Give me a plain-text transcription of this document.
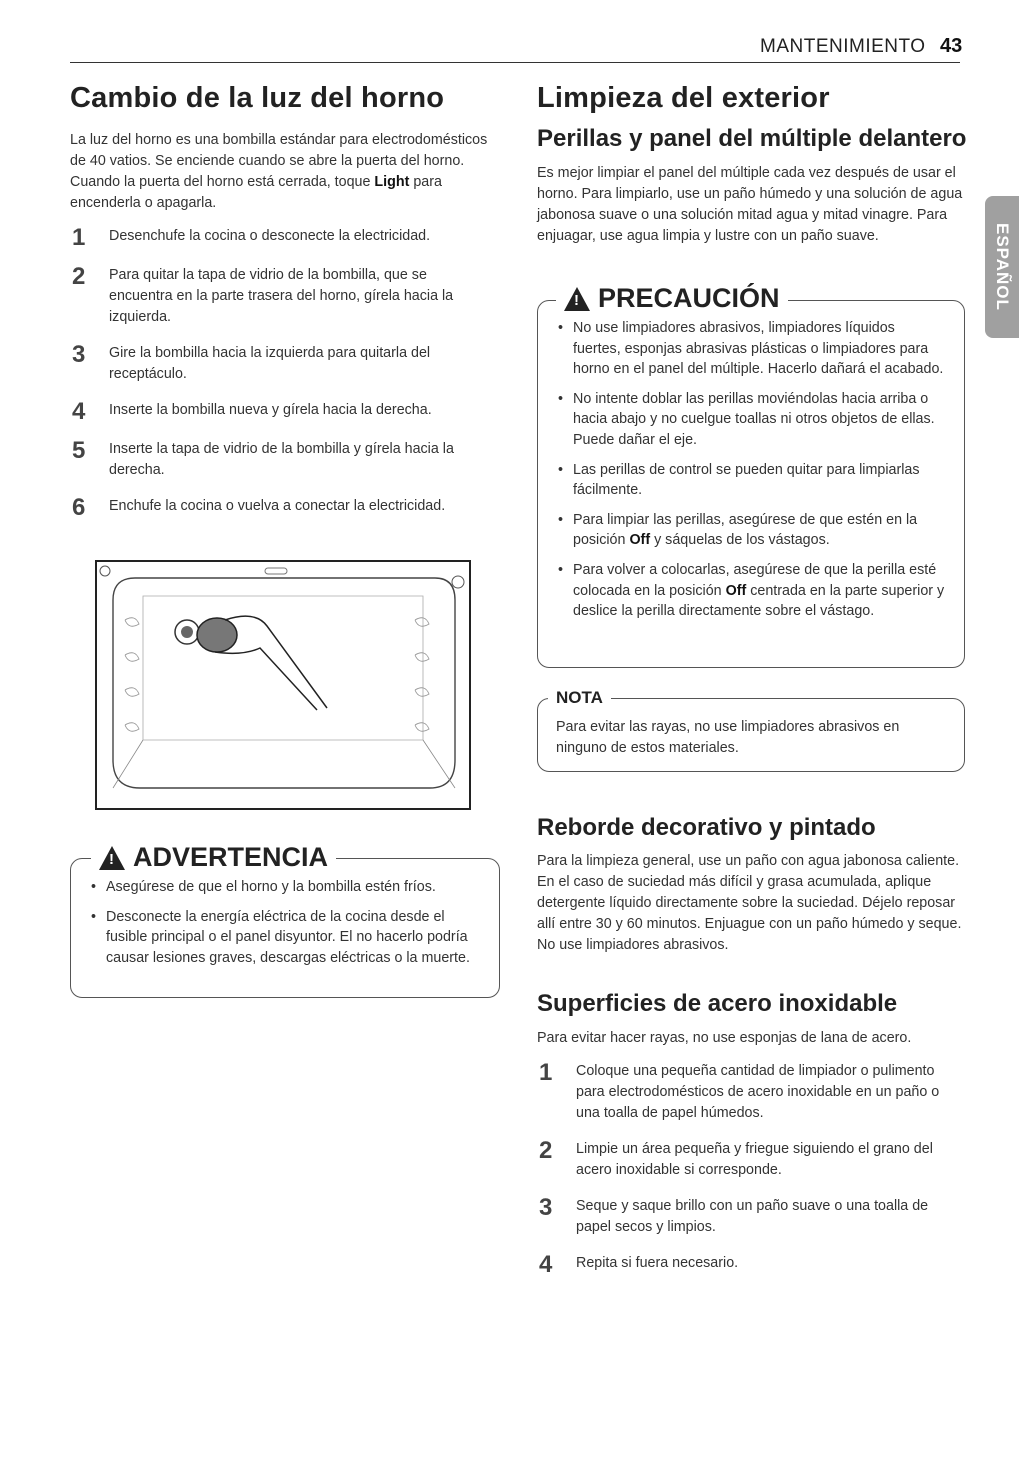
MANTENIMIENTO 43
ESPAÑOL
Cambio de la luz del horno

La luz del horno es una bombilla estándar para electrodomésticos de 40 vatios. Se enciende cuando se abre la puerta del horno. Cuando la puerta del horno está cerrada, toque Light para encenderla o apagarla.

1	Desenchufe la cocina o desconecte la electricidad.
2	Para quitar la tapa de vidrio de la bombilla, que se encuentra en la parte trasera del horno, gírela hacia la izquierda.
3	Gire la bombilla hacia la izquierda para quitarla del receptáculo.
4	Inserte la bombilla nueva y gírela hacia la derecha.
5	Inserte la tapa de vidrio de la bombilla y gírela hacia la derecha.
6	Enchufe la cocina o vuelva a conectar la electricidad.
!
ADVERTENCIA
• Asegúrese de que el horno y la bombilla estén fríos.
• Desconecte la energía eléctrica de la cocina desde el fusible principal o el panel disyuntor. El no hacerlo podría causar lesiones graves, descargas eléctricas o la muerte.
Limpieza del exterior
Perillas y panel del múltiple delantero

Es mejor limpiar el panel del múltiple cada vez después de usar el horno. Para limpiarlo, use un paño húmedo y una solución de agua jabonosa suave o una solución mitad agua y mitad vinagre. Para enjuagar, use agua limpia y lustre con un paño suave.

!
PRECAUCIÓN
• No use limpiadores abrasivos, limpiadores líquidos fuertes, esponjas abrasivas plásticas o limpiadores para horno en el panel del múltiple. Hacerlo dañará el acabado.
• No intente doblar las perillas moviéndolas hacia arriba o hacia abajo y no cuelgue toallas ni otros objetos de ellas. Puede dañar el eje.
• Las perillas de control se pueden quitar para limpiarlas fácilmente.
• Para limpiar las perillas, asegúrese de que estén en la posición Off y sáquelas de los vástagos.
• Para volver a colocarlas, asegúrese de que la perilla esté colocada en la posición Off centrada en la parte superior y deslice la perilla directamente sobre el vástago.
NOTA

Para evitar las rayas, no use limpiadores abrasivos en ninguno de estos materiales.

Reborde decorativo y pintado

Para la limpieza general, use un paño con agua jabonosa caliente. En el caso de suciedad más difícil y grasa acumulada, aplique detergente líquido directamente sobre la suciedad. Déjelo reposar allí entre 30 y 60 minutos. Enjuague con un paño húmedo y seque. No use limpiadores abrasivos.

Superficies de acero inoxidable

Para evitar hacer rayas, no use esponjas de lana de acero.

1	Coloque una pequeña cantidad de limpiador o pulimento para electrodomésticos de acero inoxidable en un paño o una toalla de papel húmedos.
2	Limpie un área pequeña y friegue siguiendo el grano del acero inoxidable si corresponde.
3	Seque y saque brillo con un paño suave o una toalla de papel secos y limpios.
4	Repita si fuera necesario.
